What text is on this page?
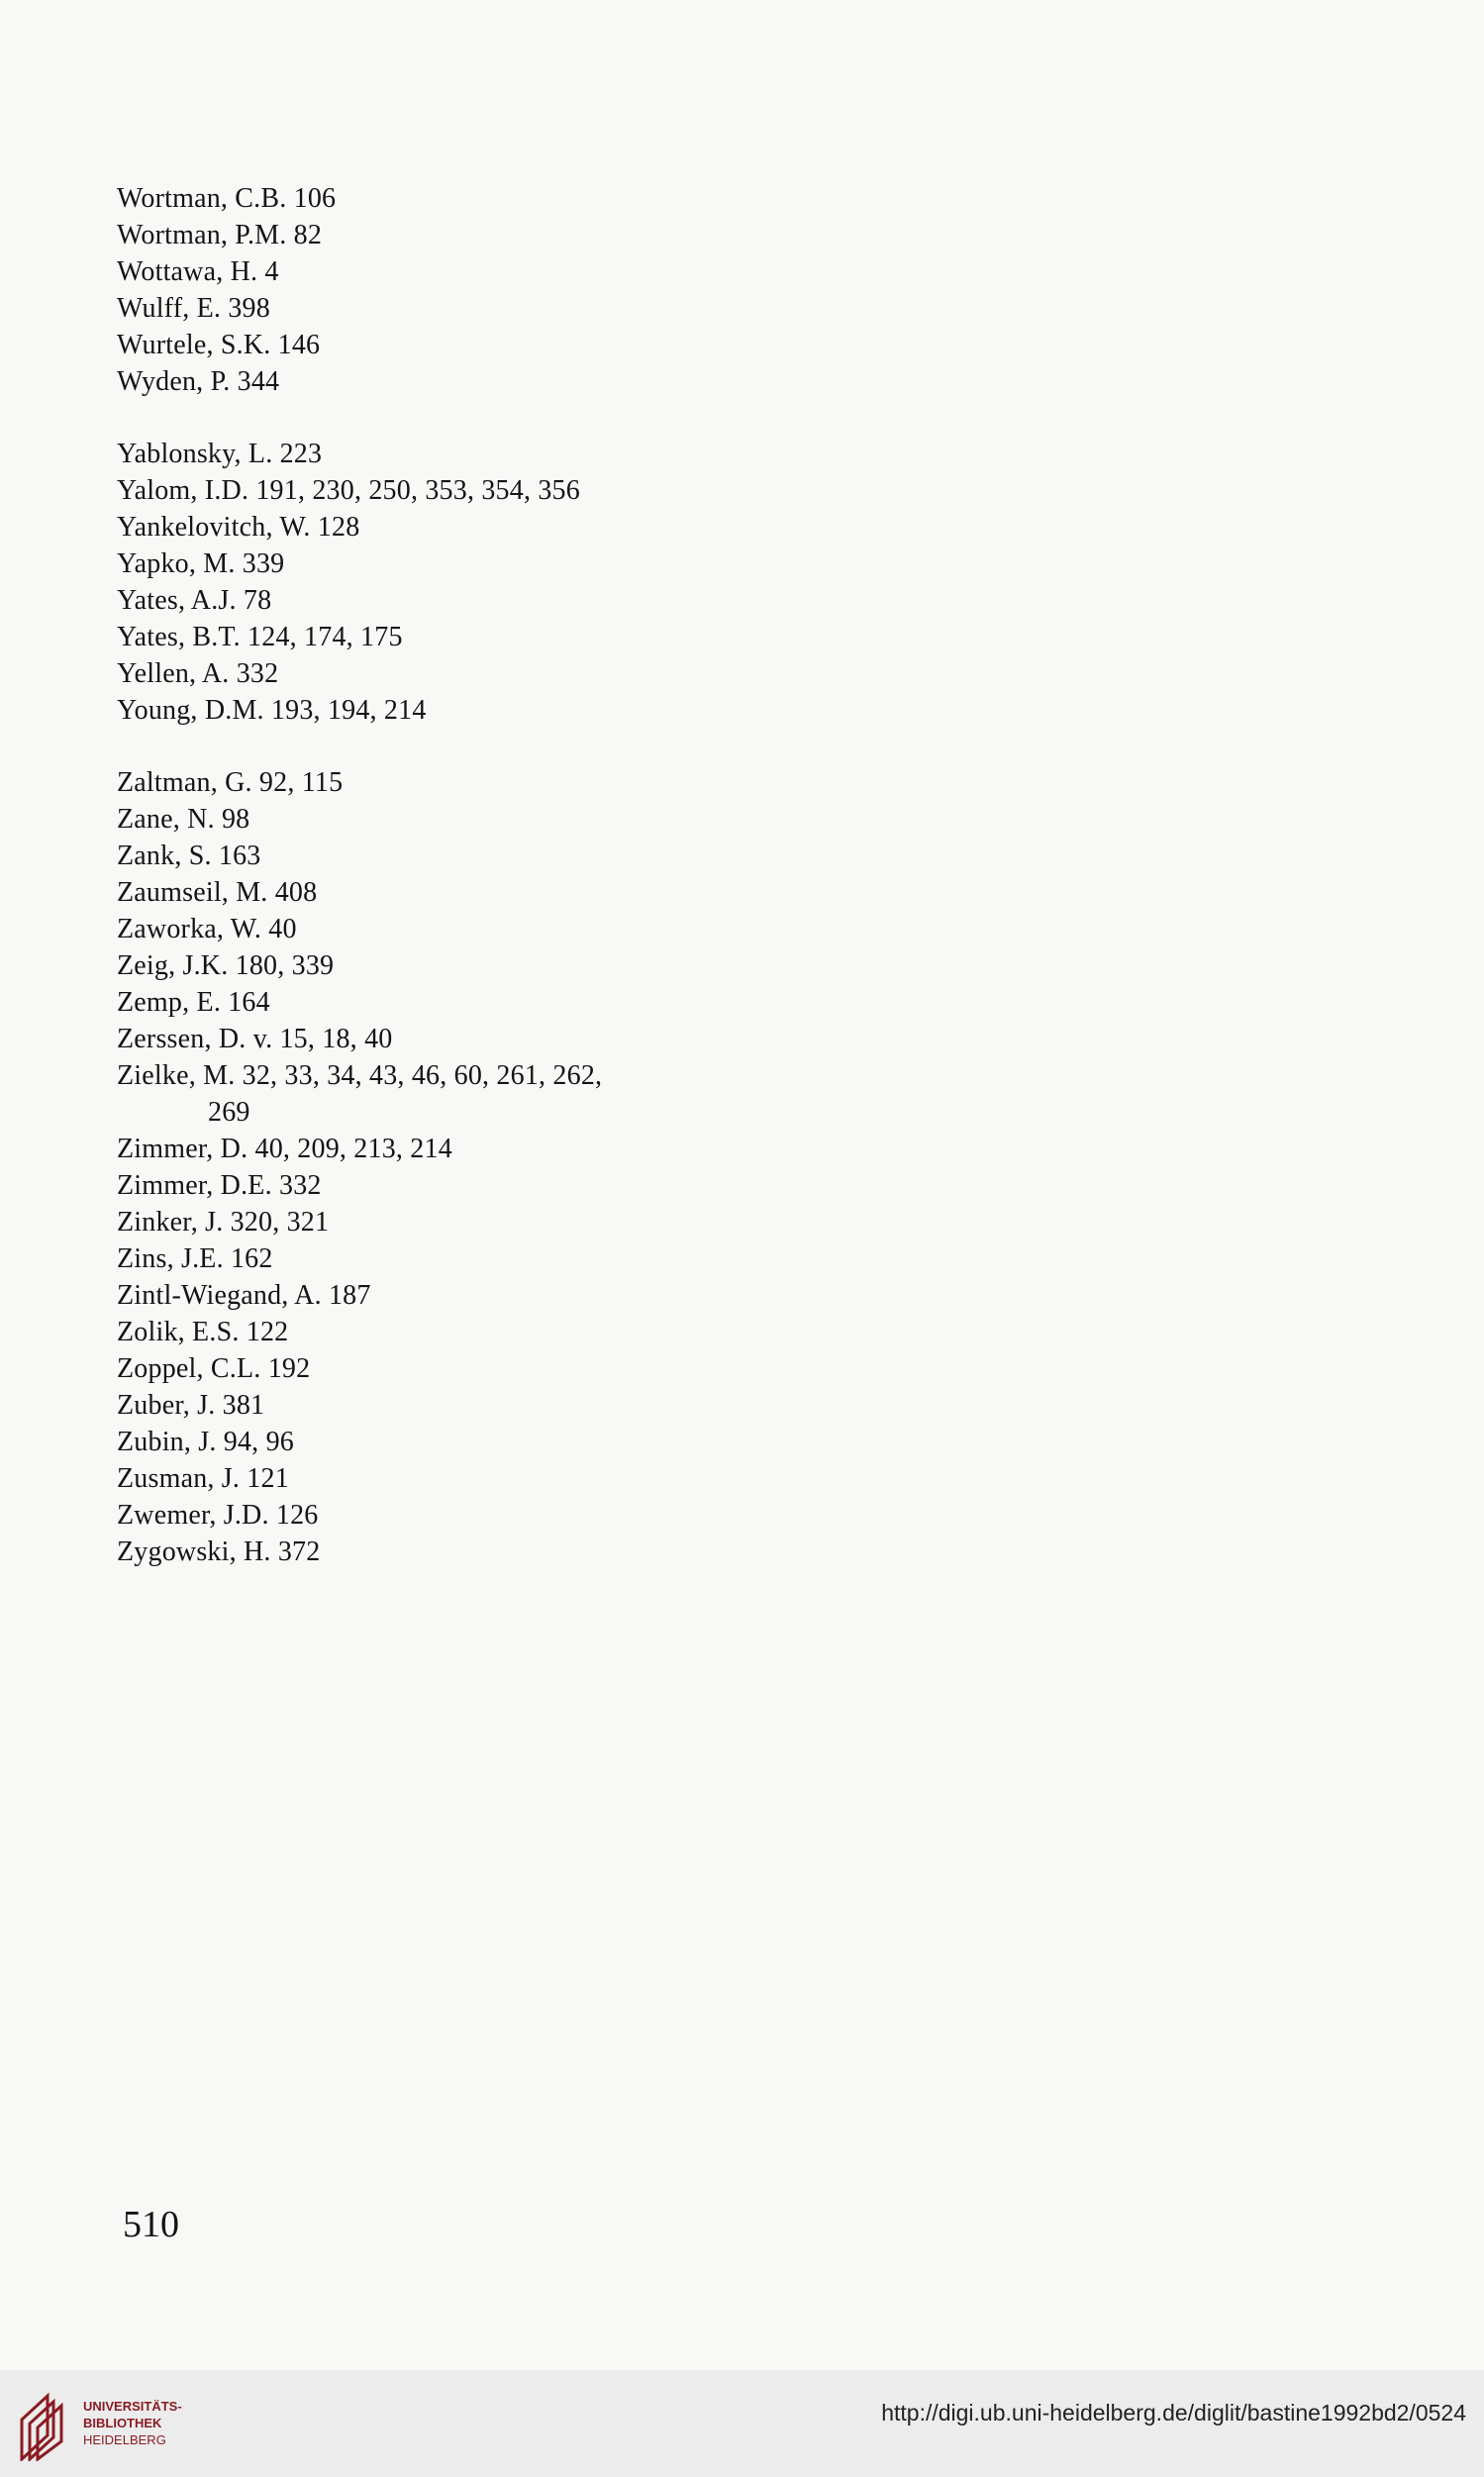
Wortman, C.B. 106
Wortman, P.M. 82
Wottawa, H. 4
Wulff, E. 398
Wurtele, S.K. 146
Wyden, P. 344
Yablonsky, L. 223
Yalom, I.D. 191, 230, 250, 353, 354, 356
Yankelovitch, W. 128
Yapko, M. 339
Yates, A.J. 78
Yates, B.T. 124, 174, 175
Yellen, A. 332
Young, D.M. 193, 194, 214
Zaltman, G. 92, 115
Zane, N. 98
Zank, S. 163
Zaumseil, M. 408
Zaworka, W. 40
Zeig, J.K. 180, 339
Zemp, E. 164
Zerssen, D. v. 15, 18, 40
Zielke, M. 32, 33, 34, 43, 46, 60, 261, 262,
269
Zimmer, D. 40, 209, 213, 214
Zimmer, D.E. 332
Zinker, J. 320, 321
Zins, J.E. 162
Zintl-Wiegand, A. 187
Zolik, E.S. 122
Zoppel, C.L. 192
Zuber, J. 381
Zubin, J. 94, 96
Zusman, J. 121
Zwemer, J.D. 126
Zygowski, H. 372
510
UNIVERSITÄTS-
BIBLIOTHEK
HEIDELBERG
http://digi.ub.uni-heidelberg.de/diglit/bastine1992bd2/0524
